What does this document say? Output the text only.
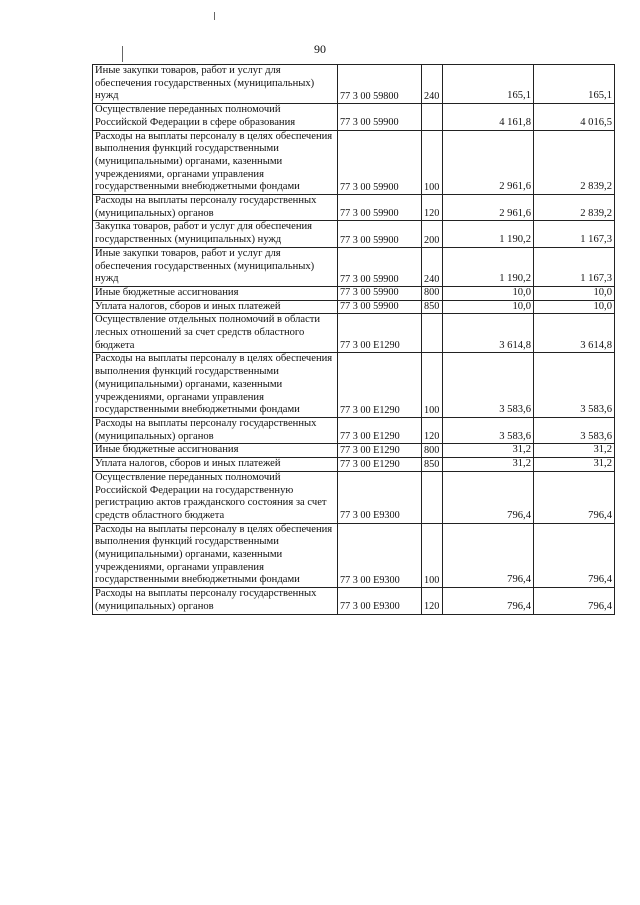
90
Иные закупки товаров, работ и услуг для обеспечения государственных (муниципальных) нужд	77 3 00 59800	240	165,1	165,1
Осуществление переданных полномочий Российской Федерации в сфере образования	77 3 00 59900		4 161,8	4 016,5
Расходы на выплаты персоналу в целях обеспечения выполнения функций государственными (муниципальными) органами, казенными учреждениями, органами управления государственными внебюджетными фондами	77 3 00 59900	100	2 961,6	2 839,2
Расходы на выплаты персоналу государственных (муниципальных) органов	77 3 00 59900	120	2 961,6	2 839,2
Закупка товаров, работ и услуг для обеспечения государственных (муниципальных) нужд	77 3 00 59900	200	1 190,2	1 167,3
Иные закупки товаров, работ и услуг для обеспечения государственных (муниципальных) нужд	77 3 00 59900	240	1 190,2	1 167,3
Иные бюджетные ассигнования	77 3 00 59900	800	10,0	10,0
Уплата налогов, сборов и иных платежей	77 3 00 59900	850	10,0	10,0
Осуществление отдельных полномочий в области лесных отношений за счет средств областного бюджета	77 3 00 Е1290		3 614,8	3 614,8
Расходы на выплаты персоналу в целях обеспечения выполнения функций государственными (муниципальными) органами, казенными учреждениями, органами управления государственными внебюджетными фондами	77 3 00 Е1290	100	3 583,6	3 583,6
Расходы на выплаты персоналу государственных (муниципальных) органов	77 3 00 Е1290	120	3 583,6	3 583,6
Иные бюджетные ассигнования	77 3 00 Е1290	800	31,2	31,2
Уплата налогов, сборов и иных платежей	77 3 00 Е1290	850	31,2	31,2
Осуществление переданных полномочий Российской Федерации на государственную регистрацию актов гражданского состояния за счет средств областного бюджета	77 3 00 Е9300		796,4	796,4
Расходы на выплаты персоналу в целях обеспечения выполнения функций государственными (муниципальными) органами, казенными учреждениями, органами управления государственными внебюджетными фондами	77 3 00 Е9300	100	796,4	796,4
Расходы на выплаты персоналу государственных (муниципальных) органов	77 3 00 Е9300	120	796,4	796,4
